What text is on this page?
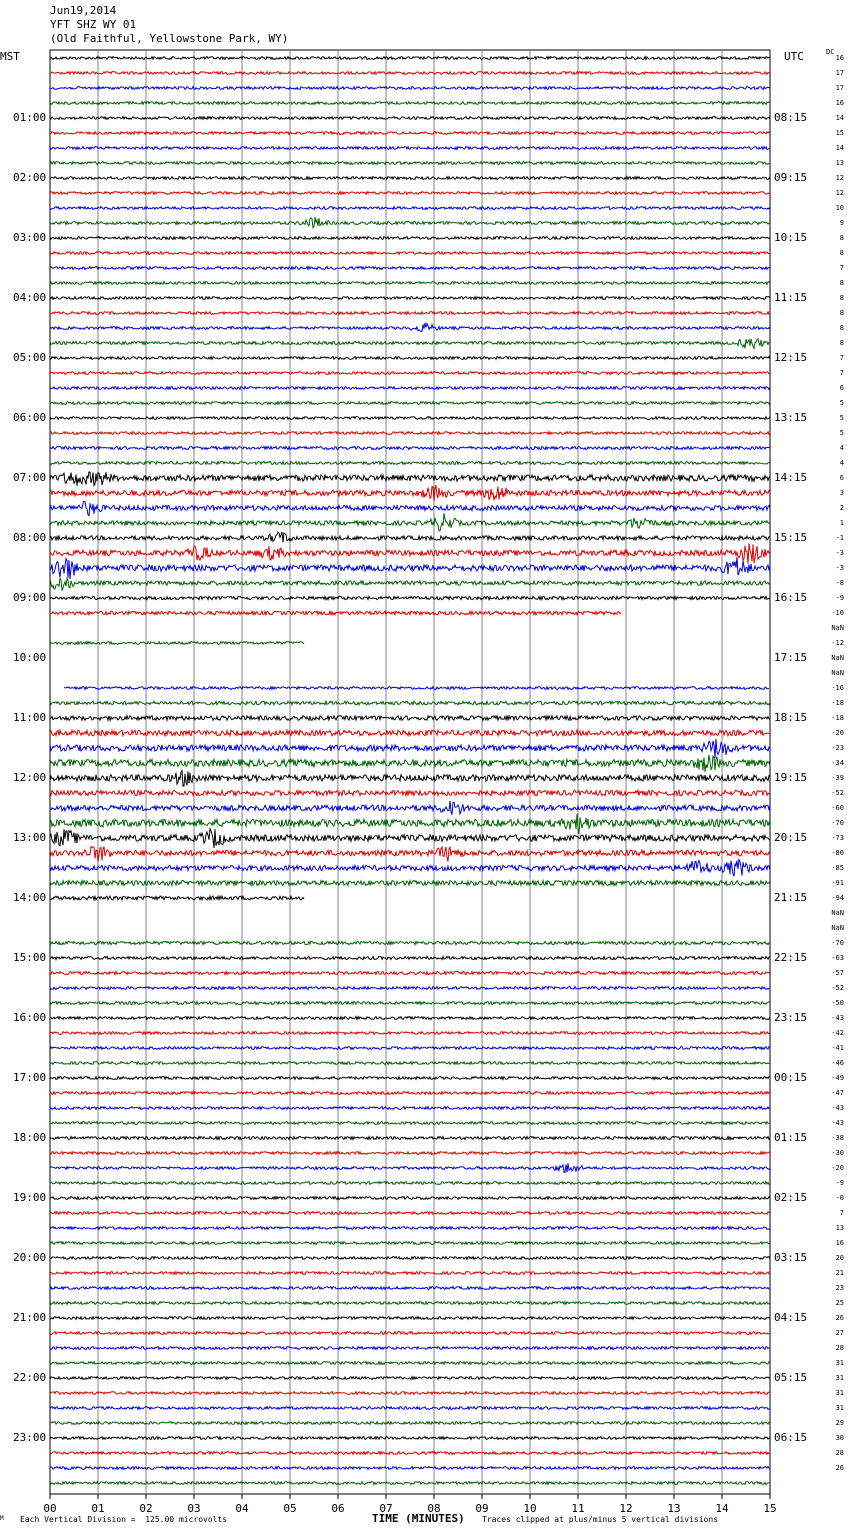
Jun19,2014
YFT SHZ WY 01
(Old Faithful, Yellowstone Park, WY)
MST	UTC	DC
00	01	02	03	04	05	06	07	08	09	10	11	12	13	14	15
01:00	08:15
02:00	09:15
03:00	10:15
04:00	11:15
05:00	12:15
06:00	13:15
07:00	14:15
08:00	15:15
09:00	16:15
10:00	17:15
11:00	18:15
12:00	19:15
13:00	20:15
14:00	21:15
15:00	22:15
16:00	23:15
17:00	00:15
18:00	01:15
19:00	02:15
20:00	03:15
21:00	04:15
22:00	05:15
23:00	06:15
16
17
17
16
14
15
14
13
12
12
10
9
8
8
7
8
8
8
8
8
7
7
6
5
5
5
4
4
6
3
2
1
-1
-3
-3
-8
-9
-10
NaN
-12
NaN
NaN
-16
-18
-18
-20
-23
-34
-39
-52
-60
-70
-73
-80
-85
-91
-94
NaN
NaN
-70
-63
-57
-52
-50
-43
-42
-41
-46
-49
-47
-43
-43
-38
-30
-20
-9
-0
7
13
16
20
21
23
25
26
27
28
31
31
31
31
29
30
28
26
TIME (MINUTES)
M Each Vertical Division =  125.00 microvolts	Traces clipped at plus/minus 5 vertical divisions
